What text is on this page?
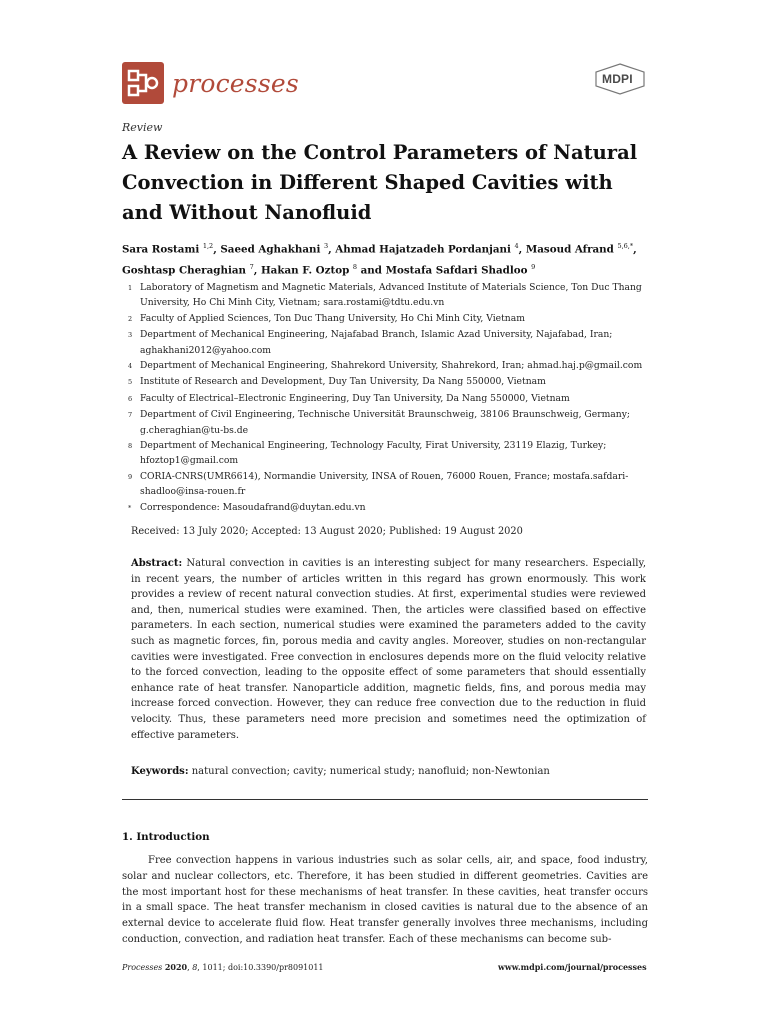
processes	MDPI
Review
A Review on the Control Parameters of Natural Convection in Different Shaped Cavities with and Without Nanofluid
Sara Rostami $^{1,2}$, Saeed Aghakhani $^3$, Ahmad Hajatzadeh Pordanjani $^4$, Masoud Afrand $^{5,6,*}$,
Goshtasp Cheraghian $^7$, Hakan F. Oztop $^8$ and Mostafa Safdari Shadloo $^9$
1 Laboratory of Magnetism and Magnetic Materials, Advanced Institute of Materials Science, Ton Duc Thang University, Ho Chi Minh City, Vietnam; sara.rostami@tdtu.edu.vn
2 Faculty of Applied Sciences, Ton Duc Thang University, Ho Chi Minh City, Vietnam
3 Department of Mechanical Engineering, Najafabad Branch, Islamic Azad University, Najafabad, Iran; aghakhani2012@yahoo.com
4 Department of Mechanical Engineering, Shahrekord University, Shahrekord, Iran; ahmad.haj.p@gmail.com
5 Institute of Research and Development, Duy Tan University, Da Nang 550000, Vietnam
6 Faculty of Electrical–Electronic Engineering, Duy Tan University, Da Nang 550000, Vietnam
7 Department of Civil Engineering, Technische Universität Braunschweig, 38106 Braunschweig, Germany; g.cheraghian@tu-bs.de
8 Department of Mechanical Engineering, Technology Faculty, Firat University, 23119 Elazig, Turkey; hfoztop1@gmail.com
9 CORIA-CNRS(UMR6614), Normandie University, INSA of Rouen, 76000 Rouen, France; mostafa.safdari-shadloo@insa-rouen.fr
* Correspondence: Masoudafrand@duytan.edu.vn
Received: 13 July 2020; Accepted: 13 August 2020; Published: 19 August 2020
Abstract: Natural convection in cavities is an interesting subject for many researchers. Especially, in recent years, the number of articles written in this regard has grown enormously. This work provides a review of recent natural convection studies. At first, experimental studies were reviewed and, then, numerical studies were examined. Then, the articles were classified based on effective parameters. In each section, numerical studies were examined the parameters added to the cavity such as magnetic forces, fin, porous media and cavity angles. Moreover, studies on non-rectangular cavities were investigated. Free convection in enclosures depends more on the fluid velocity relative to the forced convection, leading to the opposite effect of some parameters that should essentially enhance rate of heat transfer. Nanoparticle addition, magnetic fields, fins, and porous media may increase forced convection. However, they can reduce free convection due to the reduction in fluid velocity. Thus, these parameters need more precision and sometimes need the optimization of effective parameters.
Keywords: natural convection; cavity; numerical study; nanofluid; non-Newtonian
1. Introduction
Free convection happens in various industries such as solar cells, air, and space, food industry, solar and nuclear collectors, etc. Therefore, it has been studied in different geometries. Cavities are the most important host for these mechanisms of heat transfer. In these cavities, heat transfer occurs in a small space. The heat transfer mechanism in closed cavities is natural due to the absence of an external device to accelerate fluid flow. Heat transfer generally involves three mechanisms, including conduction, convection, and radiation heat transfer. Each of these mechanisms can become sub-
Processes 2020, 8, 1011; doi:10.3390/pr8091011	www.mdpi.com/journal/processes
